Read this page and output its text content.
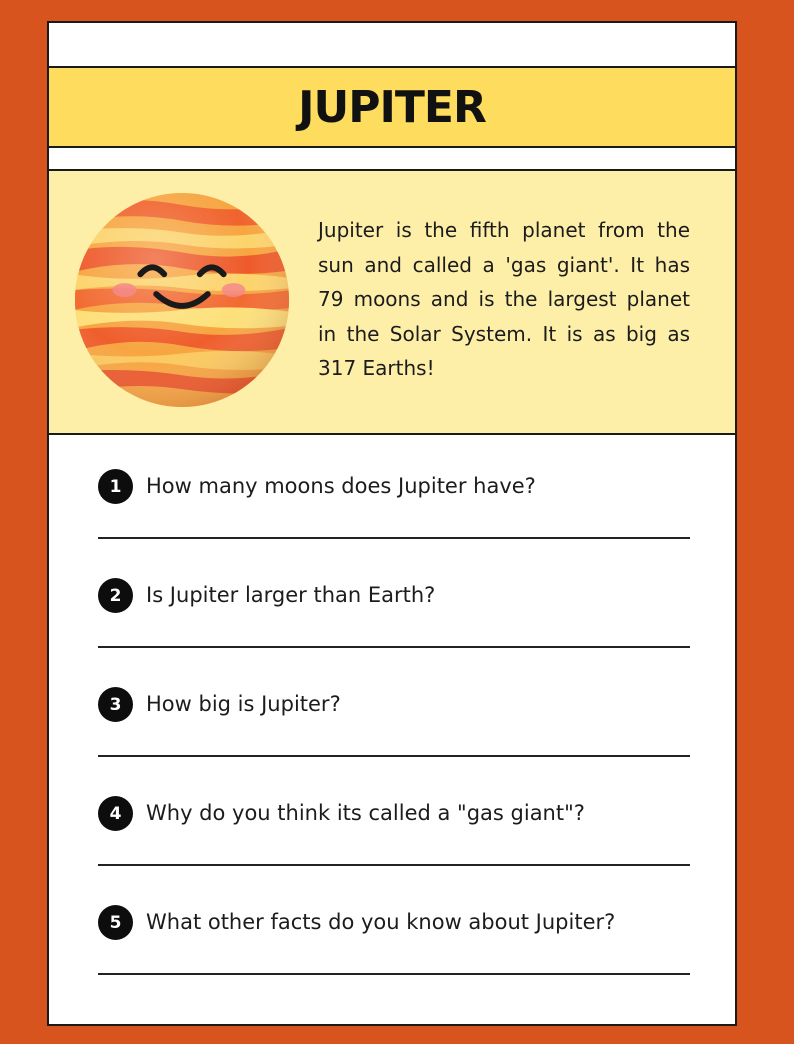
JUPITER

Jupiter is the fifth planet from the sun and called a 'gas giant'. It has 79 moons and is the largest planet in the Solar System. It is as big as 317 Earths!

1	How many moons does Jupiter have?
2	Is Jupiter larger than Earth?
3	How big is Jupiter?
4	Why do you think its called a "gas giant"?
5	What other facts do you know about Jupiter?
